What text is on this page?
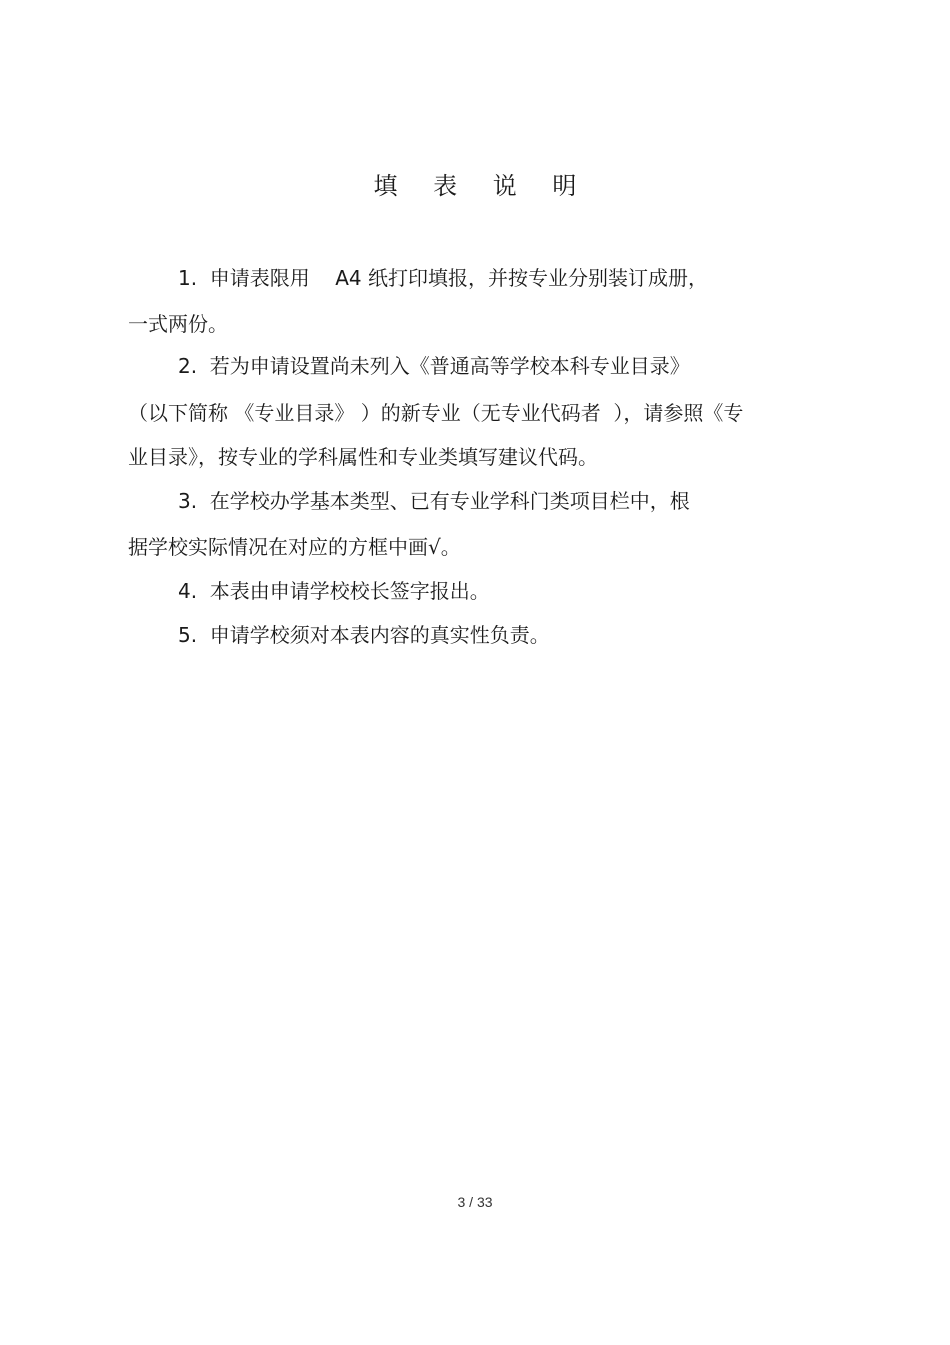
填 表 说 明
1.  申请表限用    A4 纸打印填报，并按专业分别装订成册，
一式两份。
2.  若为申请设置尚未列入《普通高等学校本科专业目录》
（以下简称 《专业目录》 ）的新专业（无专业代码者  ），请参照《专
业目录》，按专业的学科属性和专业类填写建议代码。
3.  在学校办学基本类型、已有专业学科门类项目栏中，根
据学校实际情况在对应的方框中画√。
4.  本表由申请学校校长签字报出。
5.  申请学校须对本表内容的真实性负责。
3 / 33
